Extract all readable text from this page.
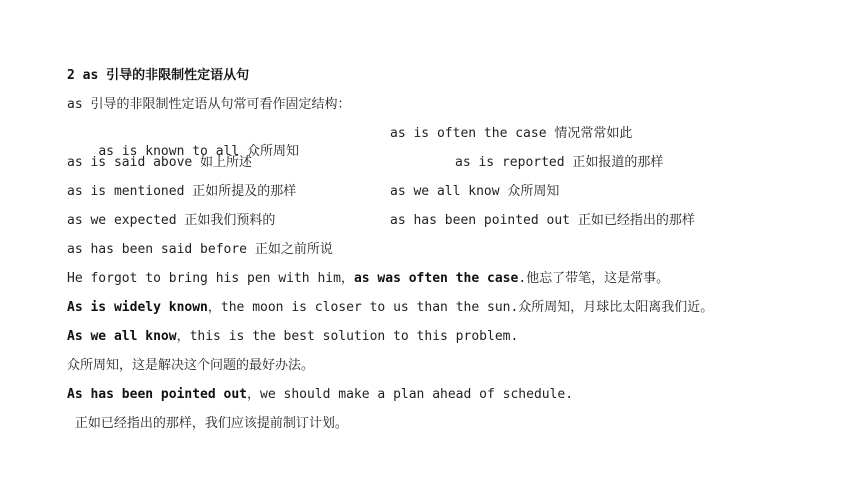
2 as 引导的非限制性定语从句
as 引导的非限制性定语从句常可看作固定结构：

as is known to all 众所周知

as is often the case 情况常常如此
as is said above 如上所述	as is reported 正如报道的那样
as is mentioned 正如所提及的那样	as we all know 众所周知
as we expected 正如我们预料的	as has been pointed out 正如已经指出的那样
as has been said before 正如之前所说
He forgot to bring his pen with him，as was often the case.他忘了带笔，这是常事。
As is widely known，the moon is closer to us than the sun.众所周知，月球比太阳离我们近。
As we all know，this is the best solution to this problem.
众所周知，这是解决这个问题的最好办法。
As has been pointed out，we should make a plan ahead of schedule.
正如已经指出的那样，我们应该提前制订计划。
